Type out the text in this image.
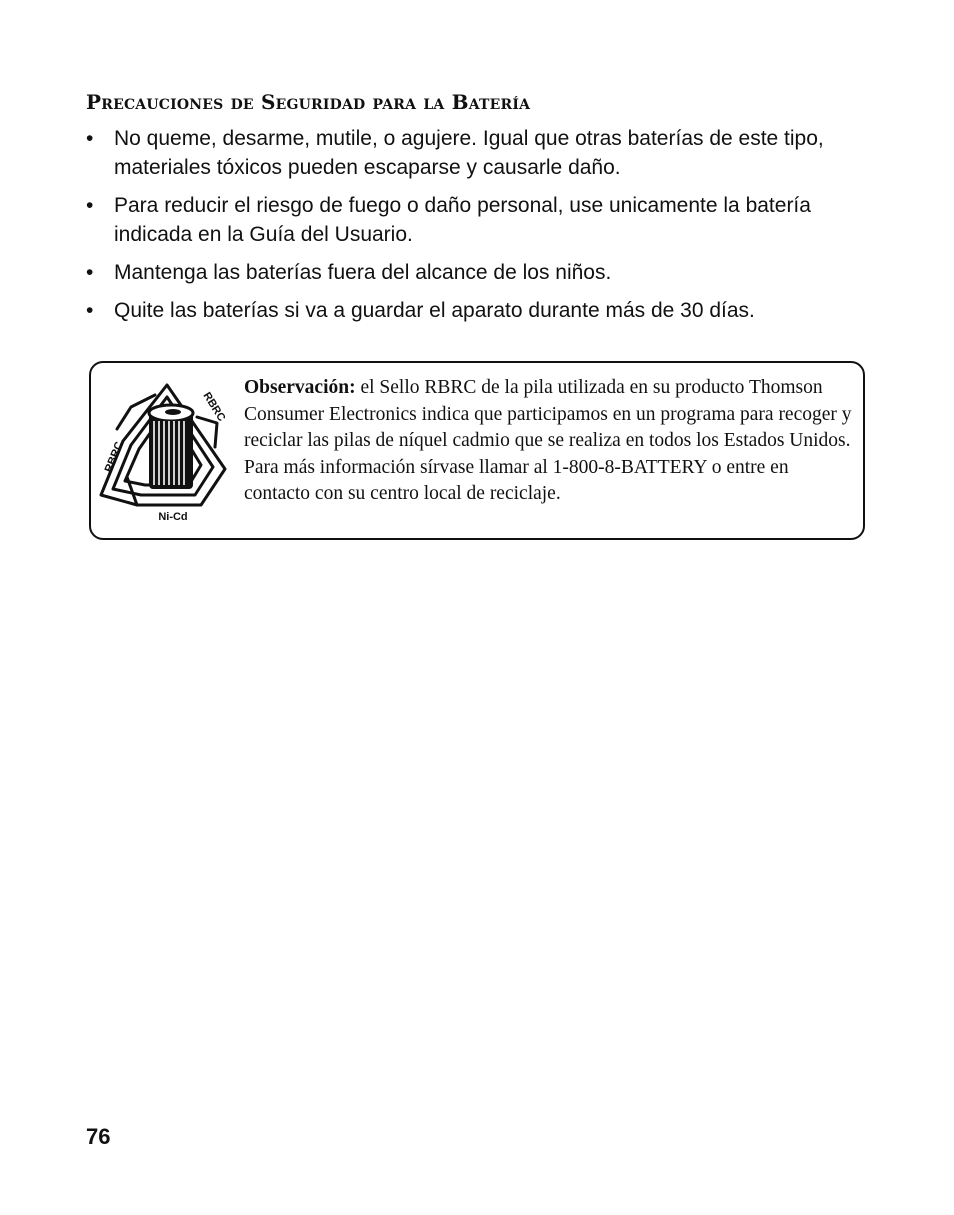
Precauciones de Seguridad para la Batería
• No queme, desarme, mutile, o agujere. Igual que otras baterías de este tipo, materiales tóxicos pueden escaparse y causarle daño.
• Para reducir el riesgo de fuego o daño personal, use unicamente la batería indicada en la Guía del Usuario.
• Mantenga las baterías fuera del alcance de los niños.
• Quite las baterías si va a guardar el aparato durante más de 30 días.
RBRC
RBRC
Ni-Cd

Observación: el Sello RBRC de la pila utilizada en su producto Thomson Consumer Electronics indica que participamos en un programa para recoger y reciclar las pilas de níquel cadmio que se realiza en todos los Estados Unidos. Para más información sírvase llamar al 1-800-8-BATTERY o entre en contacto con su centro local de reciclaje.

76
